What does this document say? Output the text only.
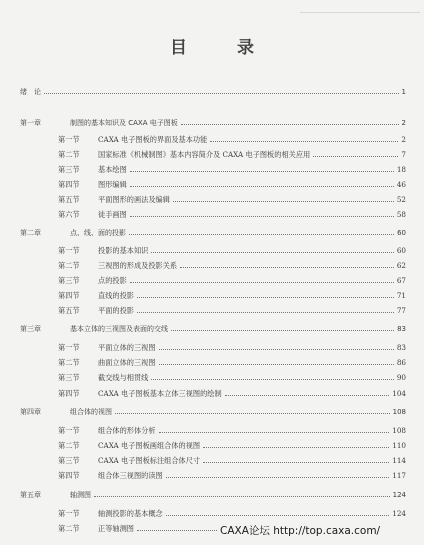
目 录
绪　论	1
第一章	制图的基本知识及 CAXA 电子图板	2
第一节	CAXA 电子图板的界面及基本功能	2
第二节	国家标准《机械制图》基本内容简介及 CAXA 电子图板的相关应用	7
第三节	基本绘图	18
第四节	图形编辑	46
第五节	平面图形的画法及编辑	52
第六节	徒手画图	58
第二章	点、线、面的投影	60
第一节	投影的基本知识	60
第二节	三视图的形成及投影关系	62
第三节	点的投影	67
第四节	直线的投影	71
第五节	平面的投影	77
第三章	基本立体的三视图及表面的交线	83
第一节	平面立体的三视图	83
第二节	曲面立体的三视图	86
第三节	截交线与相贯线	90
第四节	CAXA 电子图板基本立体三视图的绘制	104
第四章	组合体的视图	108
第一节	组合体的形体分析	108
第二节	CAXA 电子图板画组合体的视图	110
第三节	CAXA 电子图板标注组合体尺寸	114
第四节	组合体三视图的读图	117
第五章	轴测图	124
第一节	轴测投影的基本概念	124
第二节	正等轴测图	CAXA论坛 http://top.caxa.com/
